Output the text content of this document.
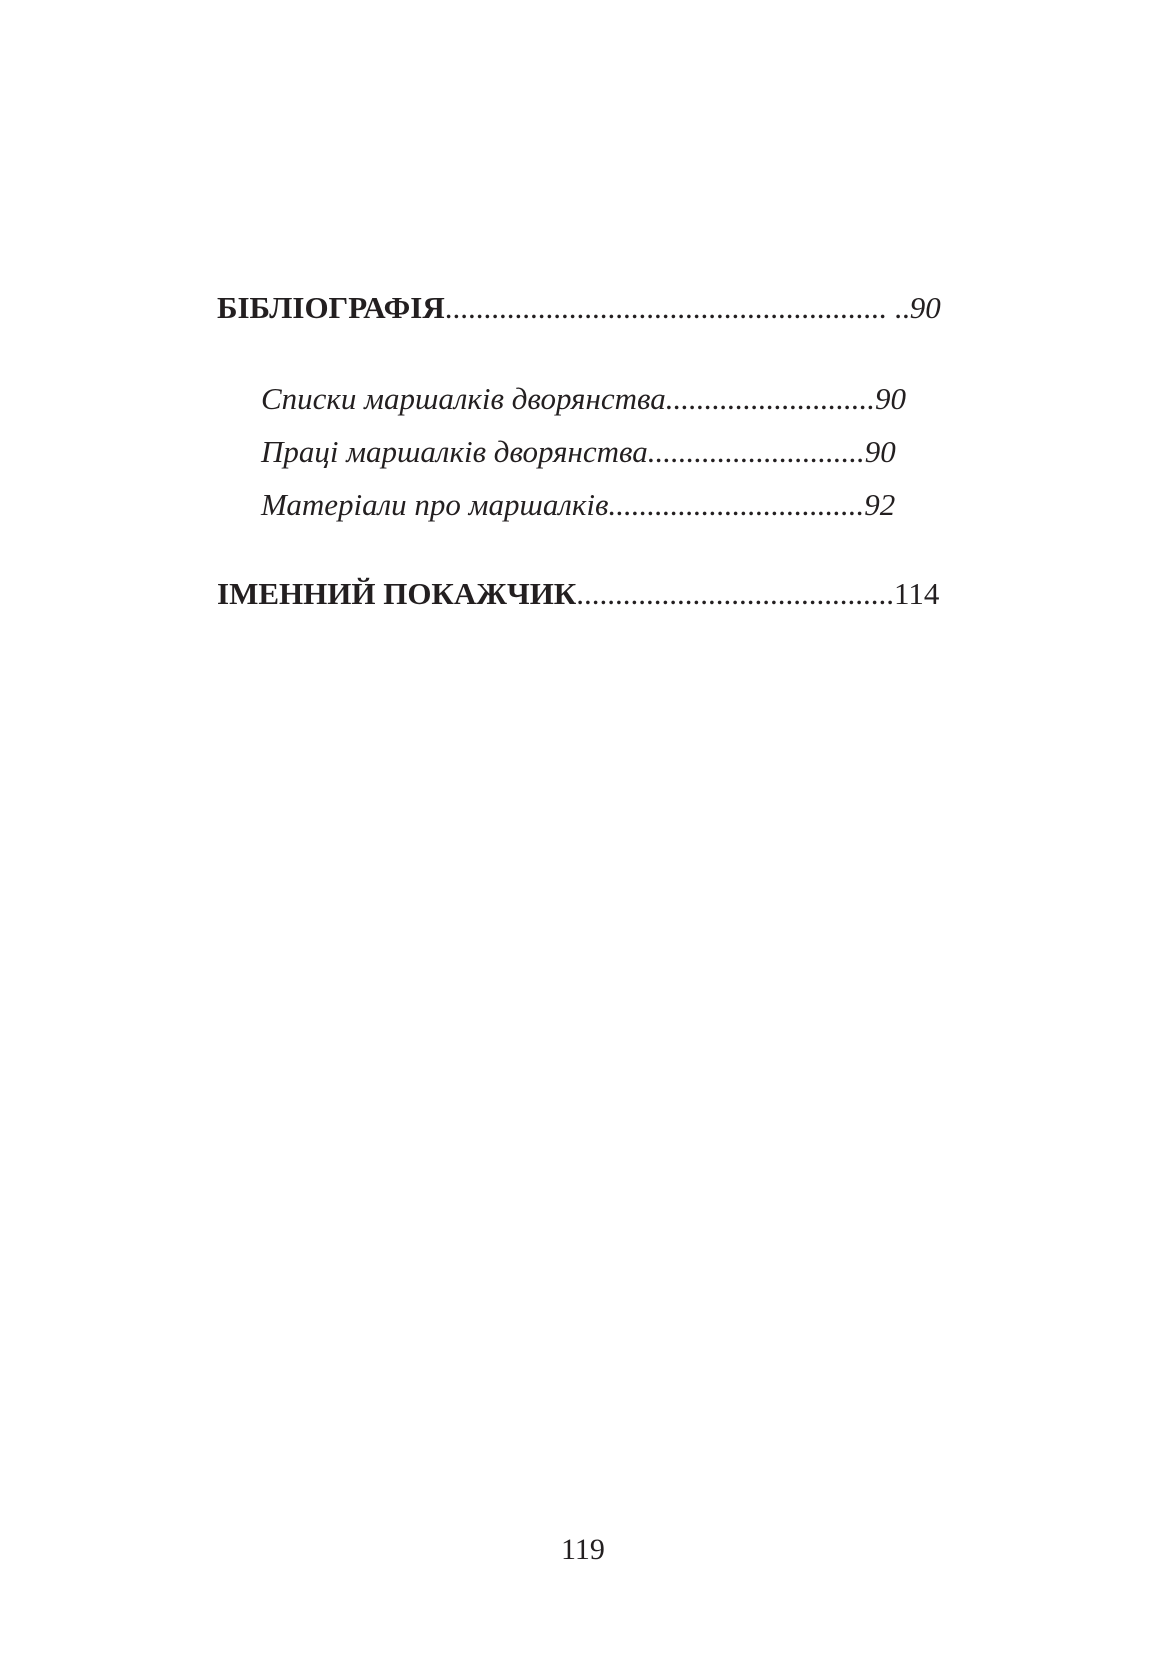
БІБЛІОГРАФІЯ......................................................... ..90
Списки маршалків дворянства...........................90
Праці маршалків дворянства............................90
Матеріали про маршалків.................................92
ІМЕННИЙ ПОКАЖЧИК.........................................114
119
